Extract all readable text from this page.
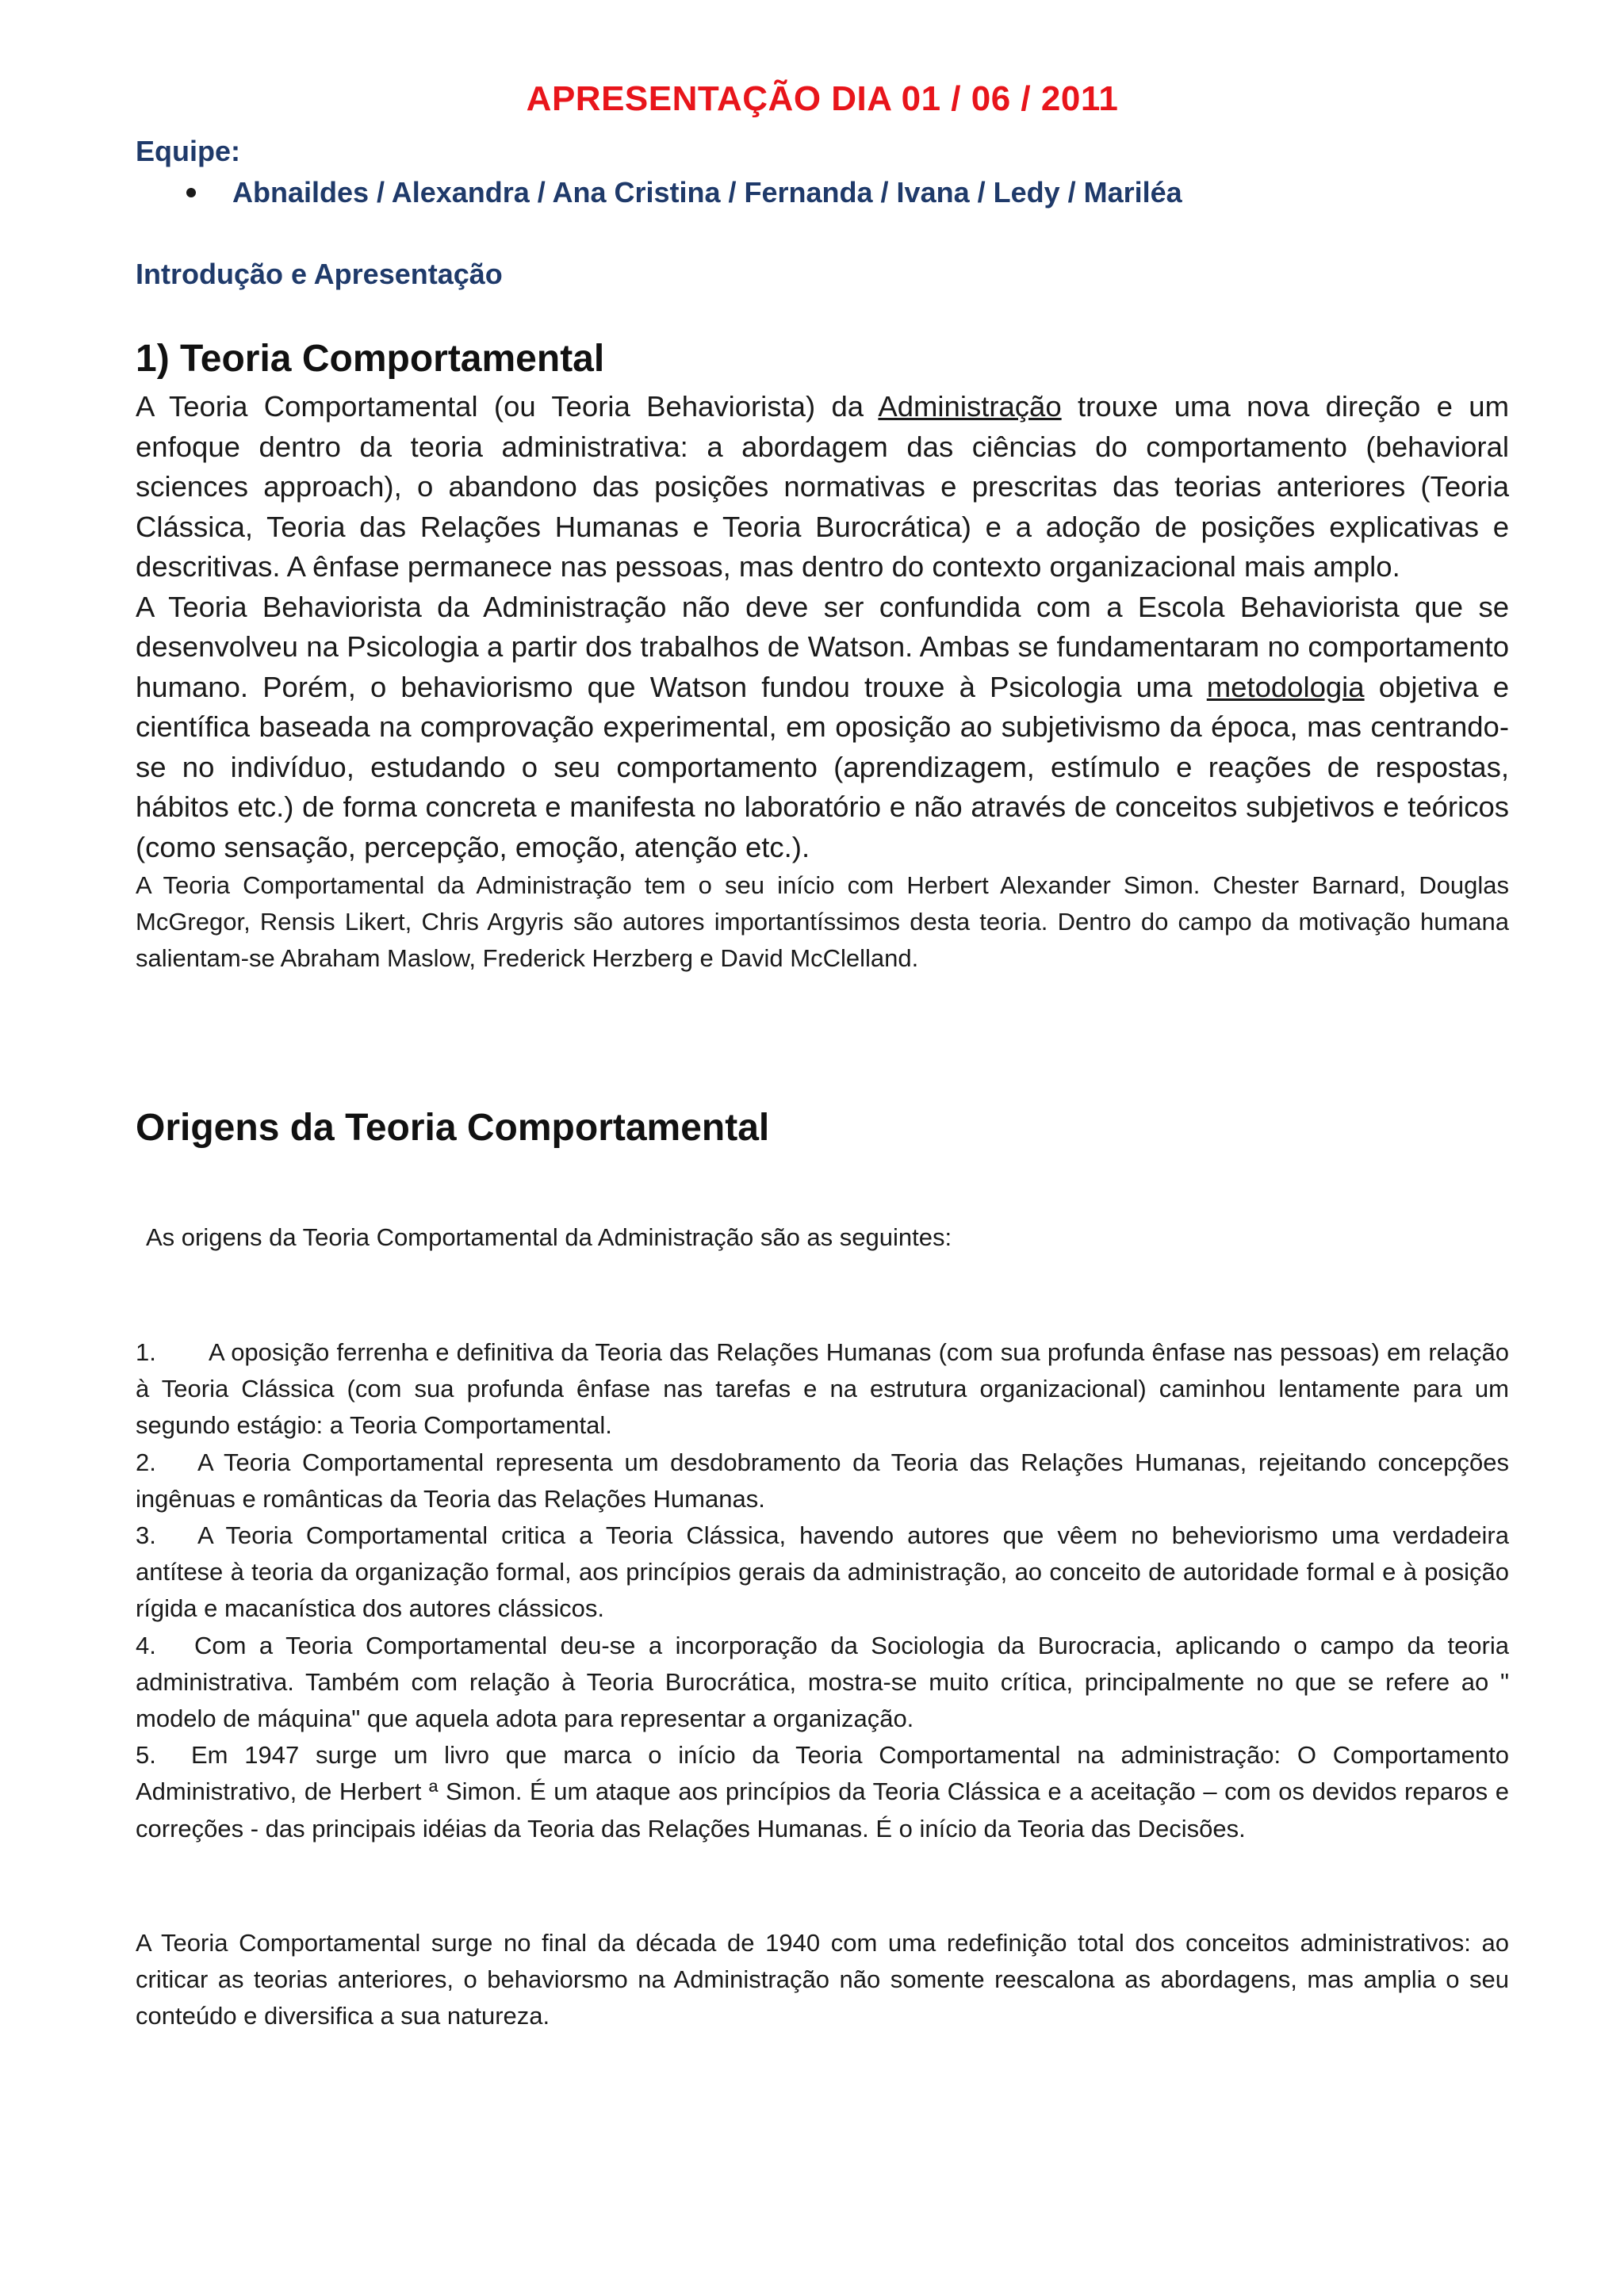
APRESENTAÇÃO DIA 01 / 06 / 2011
Equipe:
Abnaildes / Alexandra / Ana Cristina / Fernanda / Ivana / Ledy / Mariléa
Introdução e Apresentação
1) Teoria Comportamental

A Teoria Comportamental (ou Teoria Behaviorista) da Administração trouxe uma nova direção e um enfoque dentro da teoria administrativa: a abordagem das ciências do comportamento (behavioral sciences approach), o abandono das posições normativas e prescritas das teorias anteriores (Teoria Clássica, Teoria das Relações Humanas e Teoria Burocrática) e a adoção de posições explicativas e descritivas. A ênfase permanece nas pessoas, mas dentro do contexto organizacional mais amplo.

A Teoria Behaviorista da Administração não deve ser confundida com a Escola Behaviorista que se desenvolveu na Psicologia a partir dos trabalhos de Watson. Ambas se fundamentaram no comportamento humano. Porém, o behaviorismo que Watson fundou trouxe à Psicologia uma metodologia objetiva e científica baseada na comprovação experimental, em oposição ao subjetivismo da época, mas centrando-se no indivíduo, estudando o seu comportamento (aprendizagem, estímulo e reações de respostas, hábitos etc.) de forma concreta e manifesta no laboratório e não através de conceitos subjetivos e teóricos (como sensação, percepção, emoção, atenção etc.).

A Teoria Comportamental da Administração tem o seu início com Herbert Alexander Simon. Chester Barnard, Douglas McGregor, Rensis Likert, Chris Argyris são autores importantíssimos desta teoria. Dentro do campo da motivação humana salientam-se Abraham Maslow, Frederick Herzberg e David McClelland.

Origens da Teoria Comportamental
As origens da Teoria Comportamental da Administração são as seguintes:

1. A oposição ferrenha e definitiva da Teoria das Relações Humanas (com sua profunda ênfase nas pessoas) em relação à Teoria Clássica (com sua profunda ênfase nas tarefas e na estrutura organizacional) caminhou lentamente para um segundo estágio: a Teoria Comportamental.

2. A Teoria Comportamental representa um desdobramento da Teoria das Relações Humanas, rejeitando concepções ingênuas e românticas da Teoria das Relações Humanas.

3. A Teoria Comportamental critica a Teoria Clássica, havendo autores que vêem no beheviorismo uma verdadeira antítese à teoria da organização formal, aos princípios gerais da administração, ao conceito de autoridade formal e à posição rígida e macanística dos autores clássicos.

4. Com a Teoria Comportamental deu-se a incorporação da Sociologia da Burocracia, aplicando o campo da teoria administrativa. Também com relação à Teoria Burocrática, mostra-se muito crítica, principalmente no que se refere ao " modelo de máquina" que aquela adota para representar a organização.

5. Em 1947 surge um livro que marca o início da Teoria Comportamental na administração: O Comportamento Administrativo, de Herbert ª Simon. É um ataque aos princípios da Teoria Clássica e a aceitação – com os devidos reparos e correções - das principais idéias da Teoria das Relações Humanas. É o início da Teoria das Decisões.

A Teoria Comportamental surge no final da década de 1940 com uma redefinição total dos conceitos administrativos: ao criticar as teorias anteriores, o behaviorsmo na Administração não somente reescalona as abordagens, mas amplia o seu conteúdo e diversifica a sua natureza.
